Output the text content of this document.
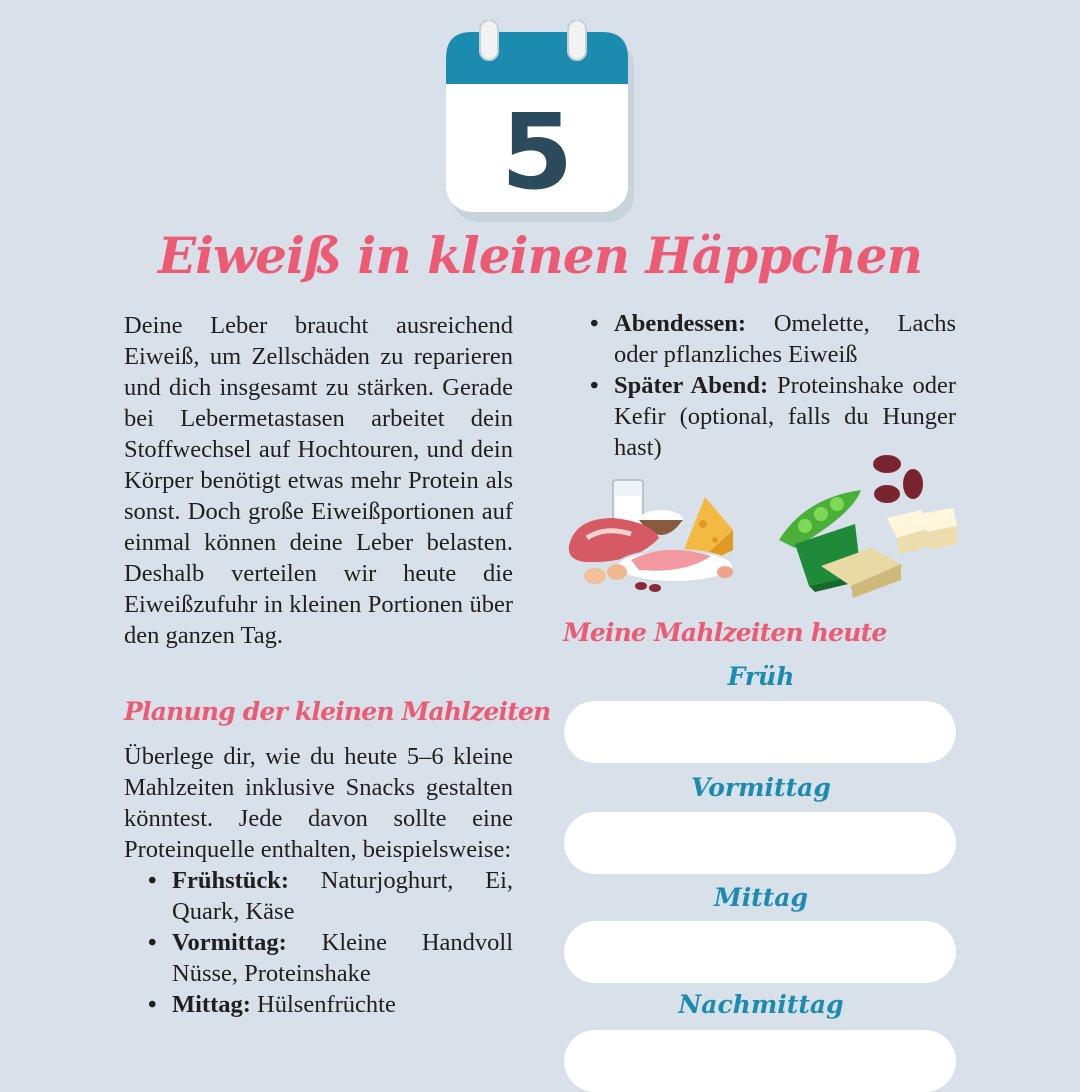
5
Eiweiß in kleinen Häppchen

Deine Leber braucht ausreichend Eiweiß, um Zellschäden zu reparieren und dich insgesamt zu stärken. Gerade bei Lebermetastasen arbeitet dein Stoffwechsel auf Hochtouren, und dein Körper benötigt etwas mehr Protein als sonst. Doch große Eiweißportionen auf einmal können deine Leber belasten. Deshalb verteilen wir heute die Eiweißzufuhr in kleinen Portionen über den ganzen Tag.

Planung der kleinen Mahlzeiten

Überlege dir, wie du heute 5–6 kleine Mahlzeiten inklusive Snacks gestalten könntest. Jede davon sollte eine Proteinquelle enthalten, beispielsweise:

• Frühstück: Naturjoghurt, Ei, Quark, Käse
• Vormittag: Kleine Handvoll Nüsse, Proteinshake
• Mittag: Hülsenfrüchte
• Abendessen: Omelette, Lachs oder pflanzliches Eiweiß
• Später Abend: Proteinshake oder Kefir (optional, falls du Hunger hast)
Meine Mahlzeiten heute
Früh
Vormittag
Mittag
Nachmittag
